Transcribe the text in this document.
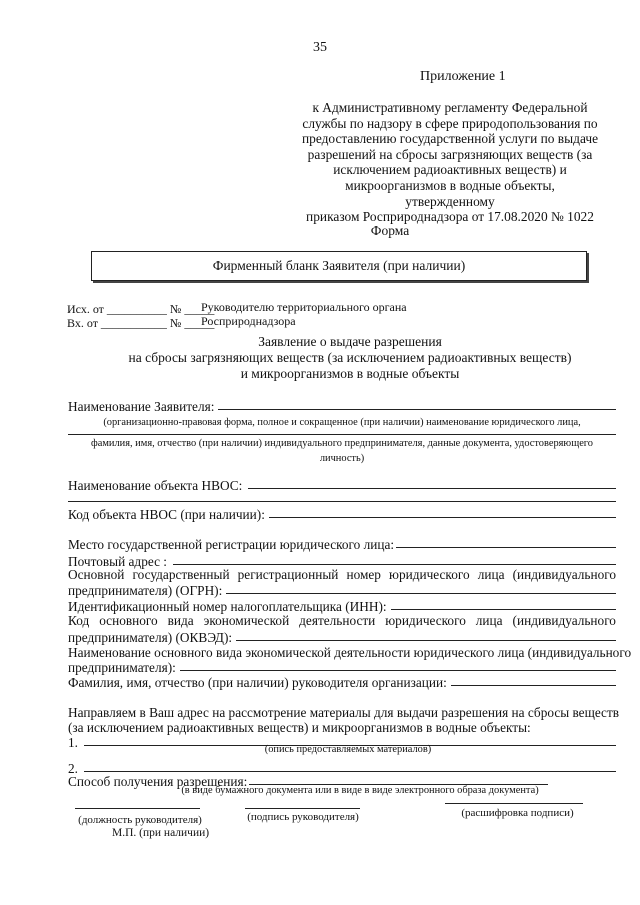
35
Приложение 1
к Административному регламенту Федеральной
службы по надзору в сфере природопользования по
предоставлению государственной услуги по выдаче
разрешений на сбросы загрязняющих веществ (за
исключением радиоактивных веществ) и
микроорганизмов в водные объекты, утвержденному
приказом Росприроднадзора от 17.08.2020 № 1022
Форма
Фирменный бланк Заявителя (при наличии)
Исх. от __________ № _____
Вх. от ___________ № _____
Руководителю территориального органа
Росприроднадзора
Заявление о выдаче разрешения
на сбросы загрязняющих веществ (за исключением радиоактивных веществ)
и микроорганизмов в водные объекты
Наименование Заявителя:
(организационно-правовая форма, полное и сокращенное (при наличии) наименование юридического лица,
фамилия, имя, отчество (при наличии) индивидуального предпринимателя, данные документа, удостоверяющего
личность)
Наименование объекта НВОС:
Код объекта НВОС (при наличии):
Место государственной регистрации юридического лица:
Почтовый адрес :
Основной государственный регистрационный номер юридического лица (индивидуального
предпринимателя) (ОГРН):
Идентификационный номер налогоплательщика (ИНН):
Код основного вида экономической деятельности юридического лица (индивидуального
предпринимателя) (ОКВЭД):
Наименование основного вида экономической деятельности юридического лица (индивидуального
предпринимателя):
Фамилия, имя, отчество (при наличии) руководителя организации:
Направляем в Ваш адрес на рассмотрение материалы для выдачи разрешения на сбросы веществ
(за исключением радиоактивных веществ) и микроорганизмов в водные объекты:
1.	(опись предоставляемых материалов)
2.
Способ получения разрешения:
(в виде бумажного документа или в виде в виде электронного образа документа)
(должность руководителя)	(подпись руководителя)	(расшифровка подписи)
М.П. (при наличии)
